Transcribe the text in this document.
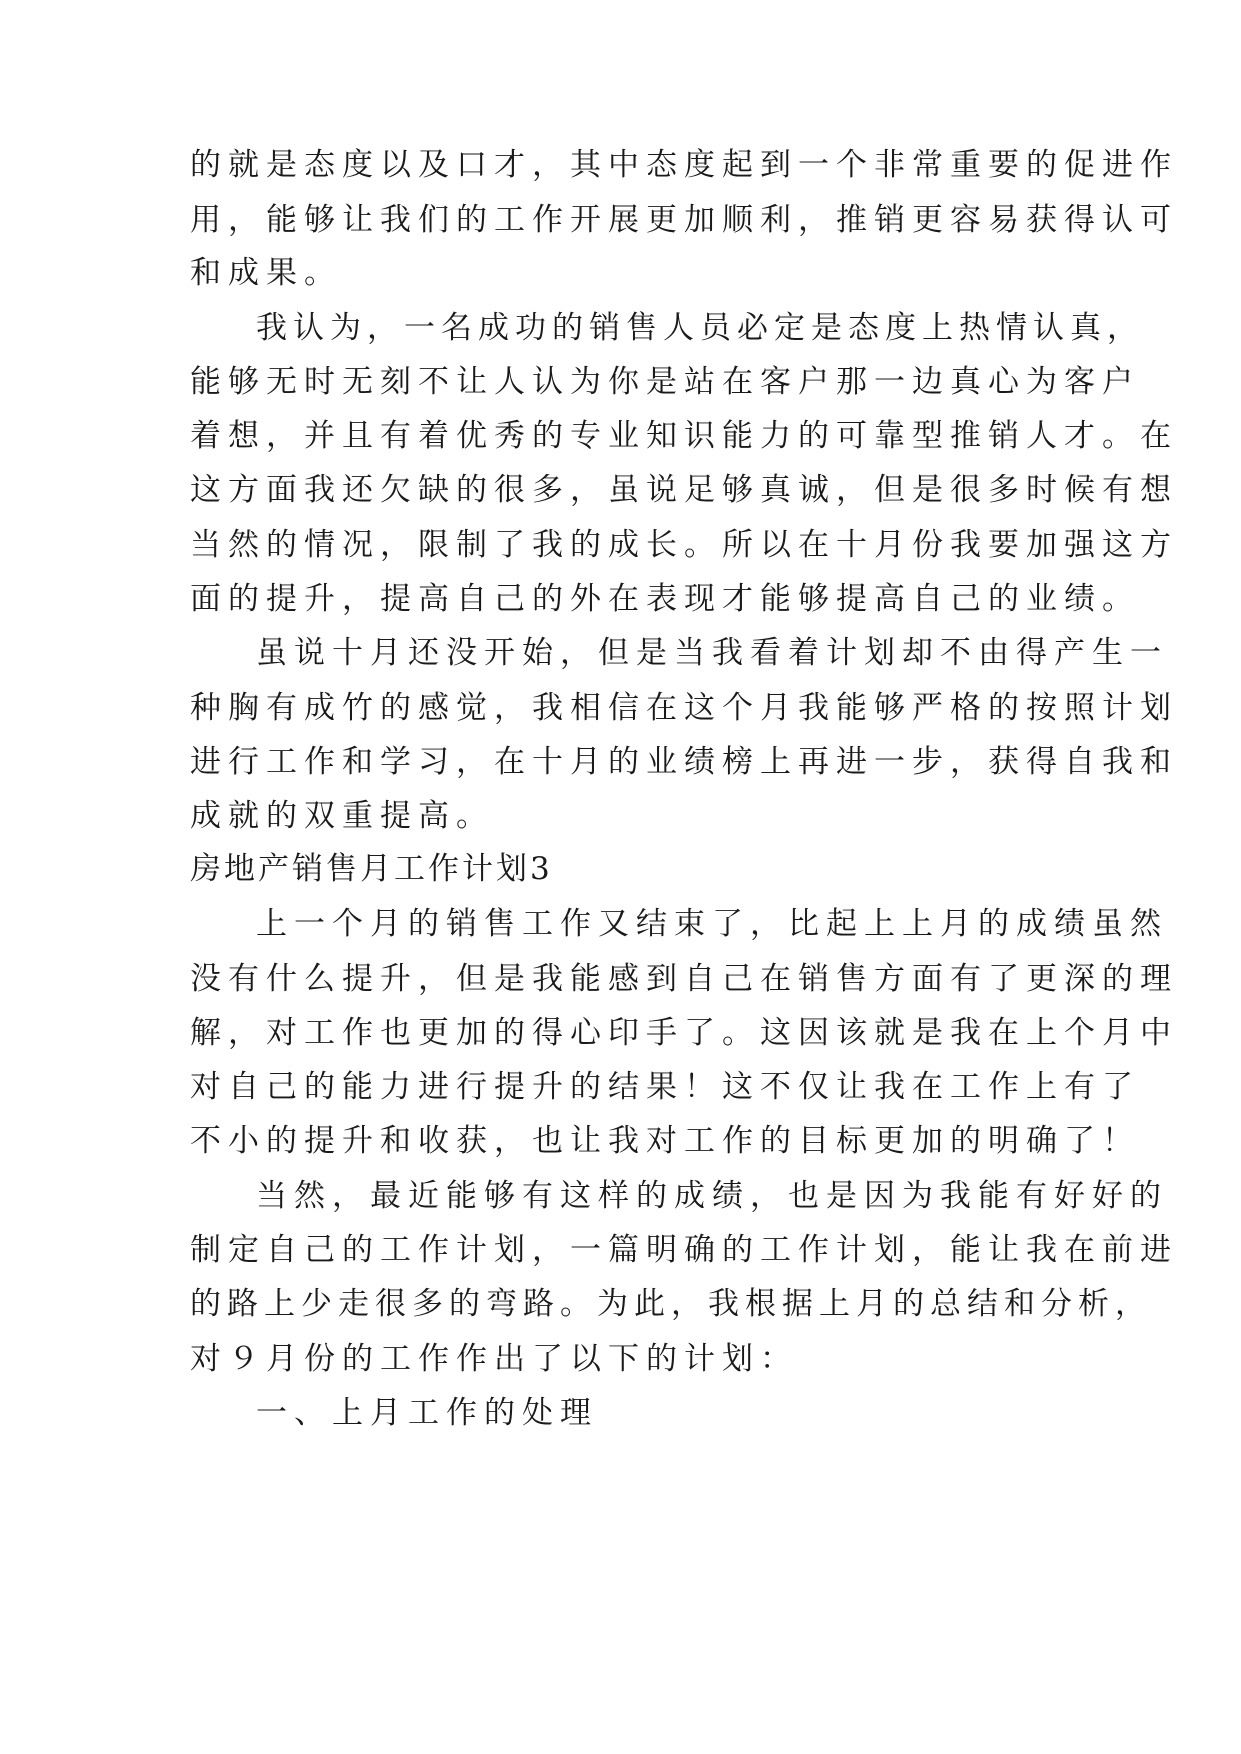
的就是态度以及口才，其中态度起到一个非常重要的促进作
用，能够让我们的工作开展更加顺利，推销更容易获得认可
和成果。
我认为，一名成功的销售人员必定是态度上热情认真，
能够无时无刻不让人认为你是站在客户那一边真心为客户
着想，并且有着优秀的专业知识能力的可靠型推销人才。在
这方面我还欠缺的很多，虽说足够真诚，但是很多时候有想
当然的情况，限制了我的成长。所以在十月份我要加强这方
面的提升，提高自己的外在表现才能够提高自己的业绩。
虽说十月还没开始，但是当我看着计划却不由得产生一
种胸有成竹的感觉，我相信在这个月我能够严格的按照计划
进行工作和学习，在十月的业绩榜上再进一步，获得自我和
成就的双重提高。
房地产销售月工作计划3
上一个月的销售工作又结束了，比起上上月的成绩虽然
没有什么提升，但是我能感到自己在销售方面有了更深的理
解，对工作也更加的得心印手了。这因该就是我在上个月中
对自己的能力进行提升的结果！这不仅让我在工作上有了
不小的提升和收获，也让我对工作的目标更加的明确了！
当然，最近能够有这样的成绩，也是因为我能有好好的
制定自己的工作计划，一篇明确的工作计划，能让我在前进
的路上少走很多的弯路。为此，我根据上月的总结和分析，
对９月份的工作作出了以下的计划：
一、上月工作的处理
